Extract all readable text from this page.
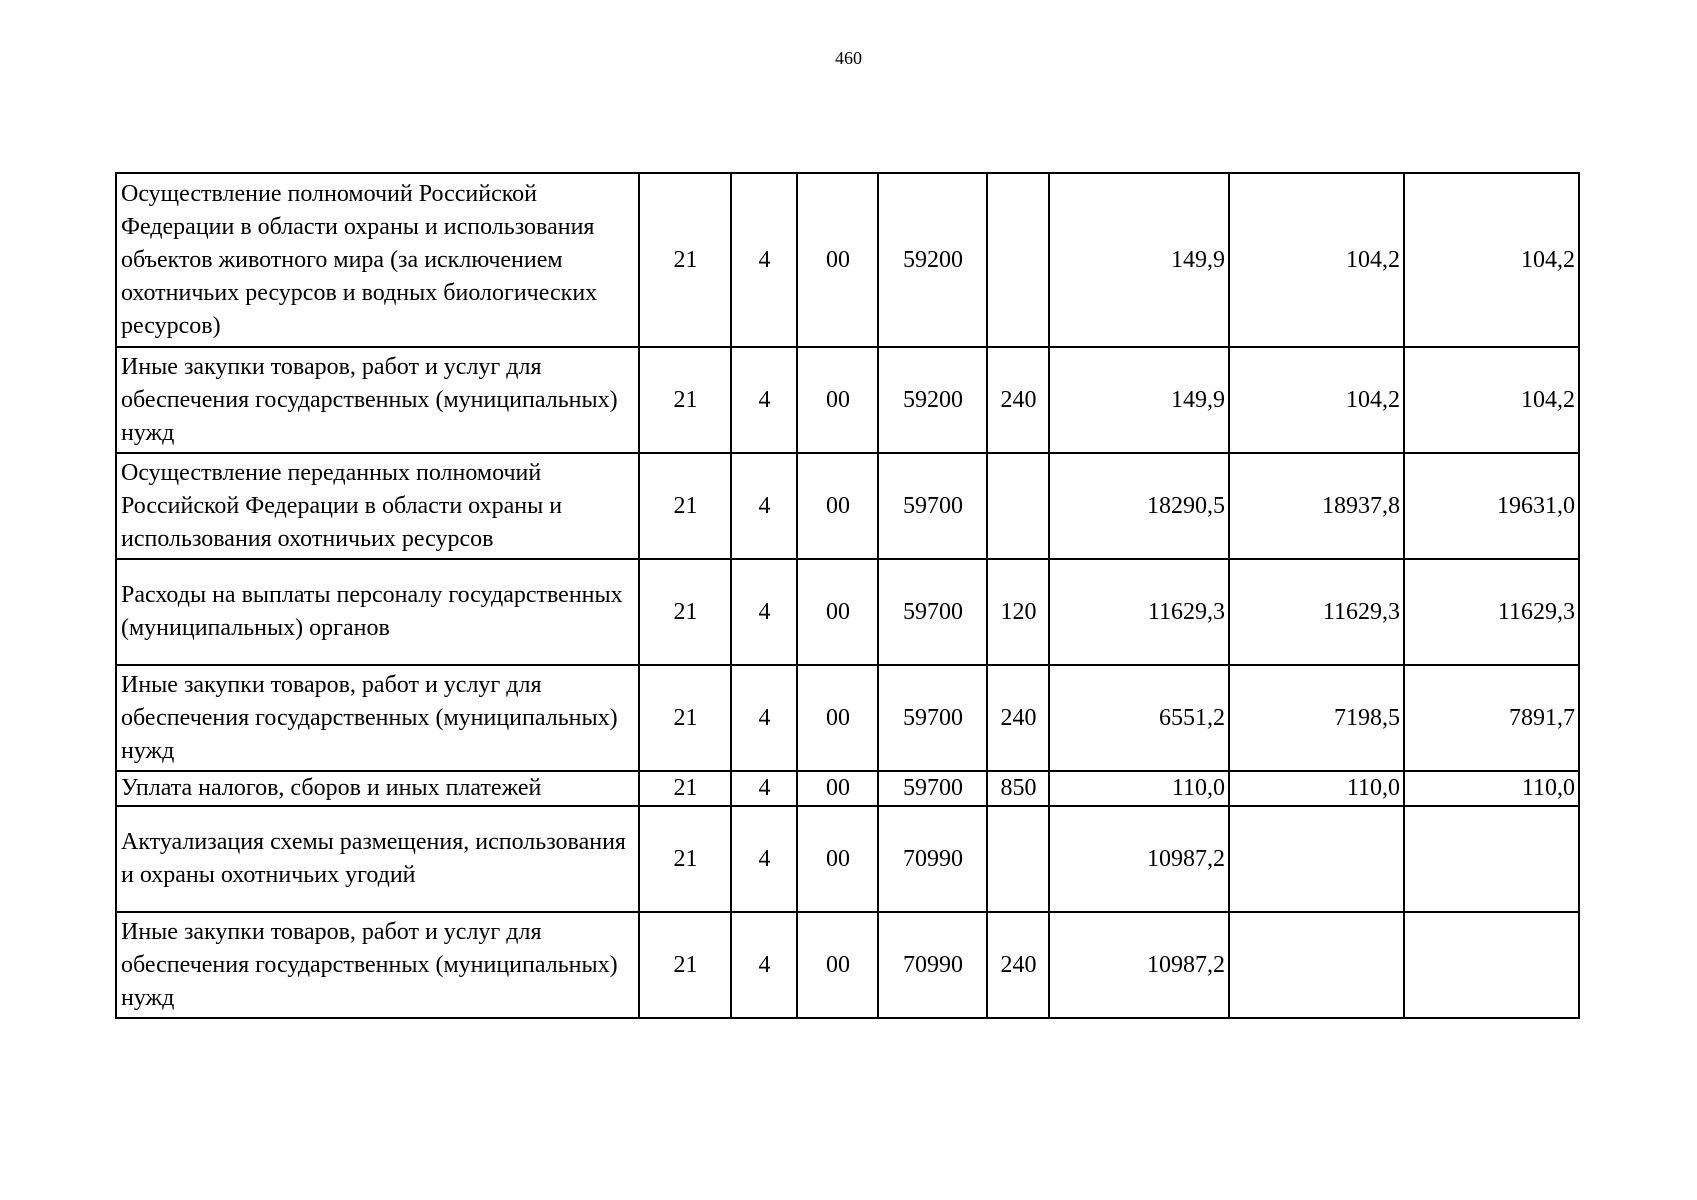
460
Осуществление полномочий Российской Федерации в области охраны и использования объектов животного мира (за исключением охотничьих ресурсов и водных биологических ресурсов)	21	4	00	59200		149,9	104,2	104,2
Иные закупки товаров, работ и услуг для обеспечения государственных (муниципальных) нужд	21	4	00	59200	240	149,9	104,2	104,2
Осуществление переданных полномочий Российской Федерации в области охраны и использования охотничьих ресурсов	21	4	00	59700		18290,5	18937,8	19631,0
Расходы на выплаты персоналу государственных (муниципальных) органов	21	4	00	59700	120	11629,3	11629,3	11629,3
Иные закупки товаров, работ и услуг для обеспечения государственных (муниципальных) нужд	21	4	00	59700	240	6551,2	7198,5	7891,7
Уплата налогов, сборов и иных платежей	21	4	00	59700	850	110,0	110,0	110,0
Актуализация схемы размещения, использования и охраны охотничьих угодий	21	4	00	70990		10987,2		
Иные закупки товаров, работ и услуг для обеспечения государственных (муниципальных) нужд	21	4	00	70990	240	10987,2		
